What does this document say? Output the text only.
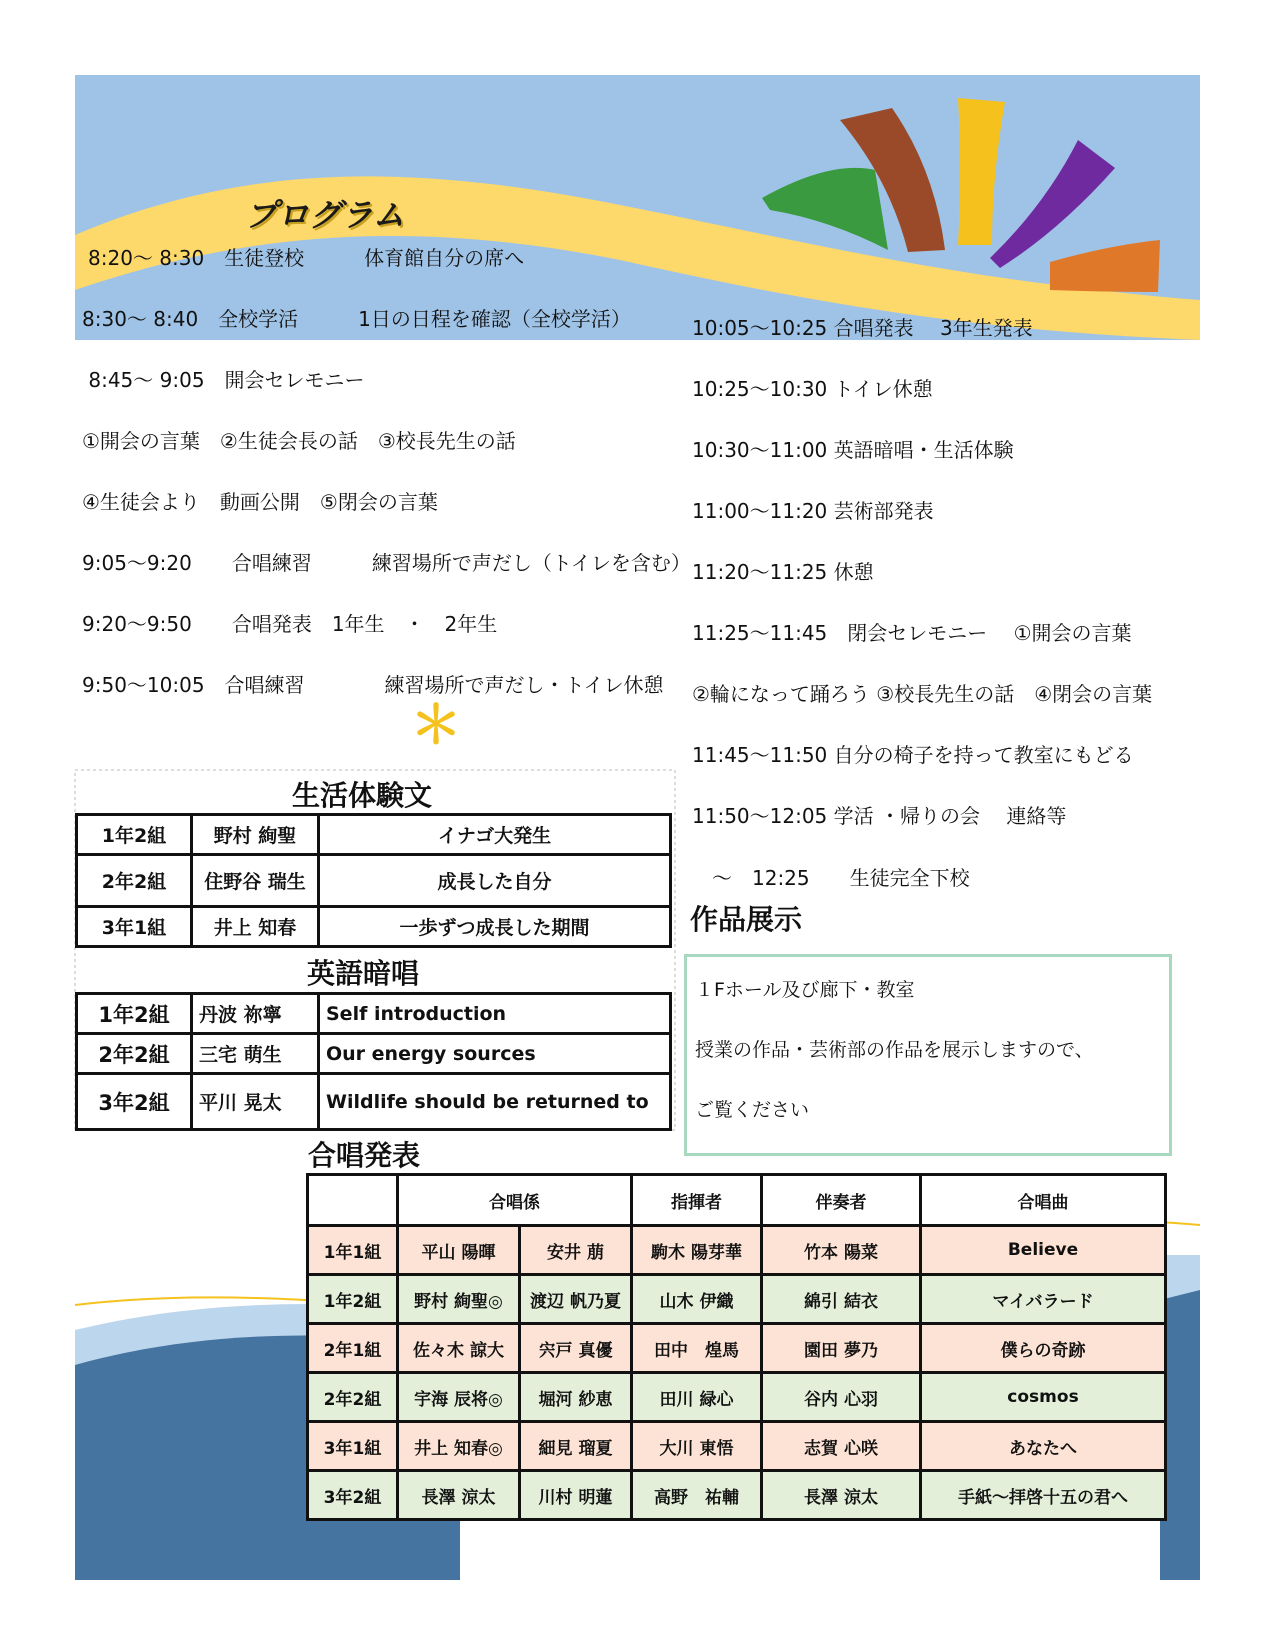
プログラム
8:20～ 8:30　生徒登校　　　体育館自分の席へ
8:30～ 8:40　全校学活　　　1日の日程を確認（全校学活）
8:45～ 9:05　開会セレモニー
①開会の言葉　②生徒会長の話　③校長先生の話
④生徒会より　動画公開　⑤閉会の言葉
9:05～9:20　　合唱練習　　　練習場所で声だし（トイレを含む）
9:20～9:50　　合唱発表　1年生　・　2年生
9:50～10:05　合唱練習　　　　練習場所で声だし・トイレ休憩
＊
10:05～10:25 合唱発表　 3年生発表
10:25～10:30 トイレ休憩
10:30～11:00 英語暗唱・生活体験
11:00～11:20 芸術部発表
11:20～11:25 休憩
11:25～11:45　閉会セレモニー　 ①開会の言葉
②輪になって踊ろう ③校長先生の話　④閉会の言葉
11:45～11:50 自分の椅子を持って教室にもどる
11:50～12:05 学活 ・帰りの会　 連絡等
　～　12:25　　生徒完全下校
生活体験文
1年2組	野村 絢聖	イナゴ大発生
2年2組	住野谷 瑞生	成長した自分
3年1組	井上 知春	一歩ずつ成長した期間
英語暗唱
1年2組	丹波 祢寧	Self introduction
2年2組	三宅 萌生	Our energy sources
3年2組	平川 晃太	Wildlife should be returned to
作品展示
１Fホール及び廊下・教室
授業の作品・芸術部の作品を展示しますので、
ご覧ください
合唱発表
	合唱係		指揮者	伴奏者	合唱曲
1年1組	平山 陽暉	安井 萠	駒木 陽芽華	竹本 陽菜	Believe
1年2組	野村 絢聖◎	渡辺 帆乃夏	山木 伊織	綿引 結衣	マイバラード
2年1組	佐々木 諒大	宍戸 真優	田中　煌馬	園田 夢乃	僕らの奇跡
2年2組	宇海 辰将◎	堀河 紗恵	田川 緑心	谷内 心羽	cosmos
3年1組	井上 知春◎	細見 瑠夏	大川 東悟	志賀 心咲	あなたへ
3年2組	長澤 涼太	川村 明蓮	高野　祐輔	長澤 涼太	手紙～拝啓十五の君へ
